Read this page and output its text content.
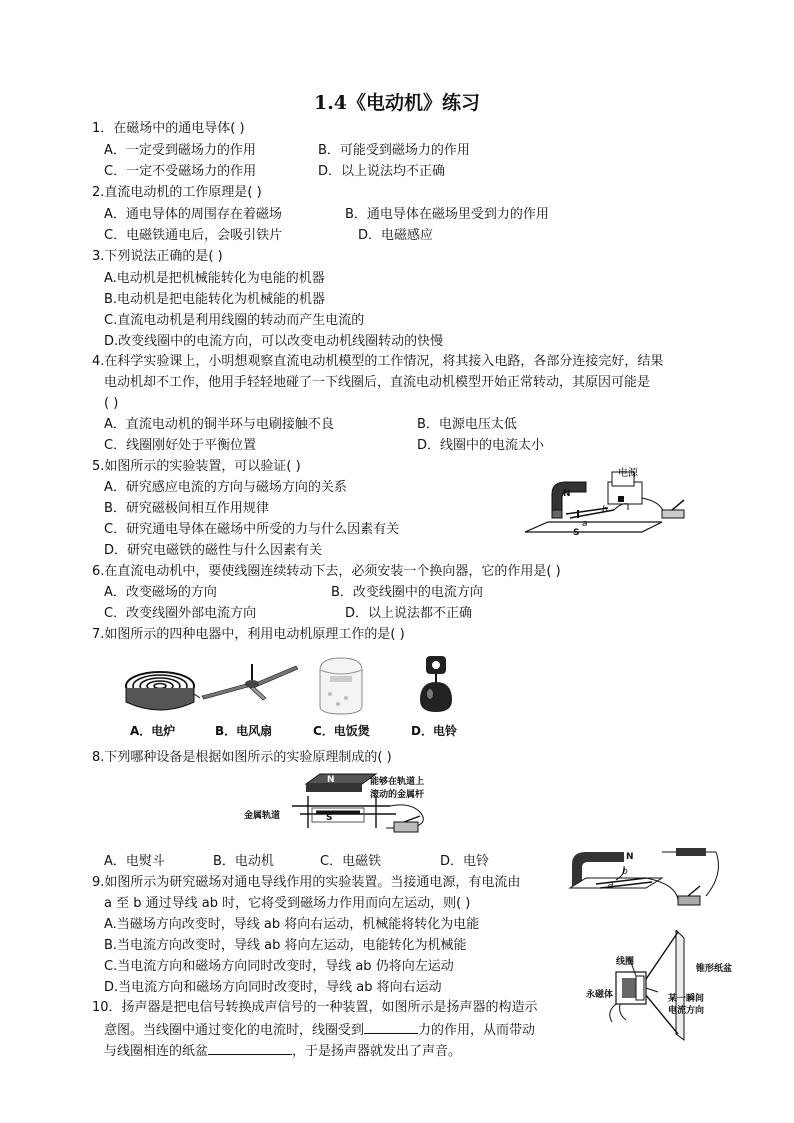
1.4《电动机》练习
1．在磁场中的通电导体( )
A．一定受到磁场力的作用	B．可能受到磁场力的作用
C．一定不受磁场力的作用	D．以上说法均不正确
2.直流电动机的工作原理是( )
A．通电导体的周围存在着磁场	B．通电导体在磁场里受到力的作用
C．电磁铁通电后，会吸引铁片	D．电磁感应
3.下列说法正确的是( )
A.电动机是把机械能转化为电能的机器
B.电动机是把电能转化为机械能的机器
C.直流电动机是利用线圈的转动而产生电流的
D.改变线圈中的电流方向，可以改变电动机线圈转动的快慢
4.在科学实验课上，小明想观察直流电动机模型的工作情况，将其接入电路，各部分连接完好，结果
电动机却不工作，他用手轻轻地碰了一下线圈后，直流电动机模型开始正常转动，其原因可能是
( )
A．直流电动机的铜半环与电刷接触不良	B．电源电压太低
C．线圈刚好处于平衡位置	D．线圈中的电流太小
5.如图所示的实验装置，可以验证( )
A．研究感应电流的方向与磁场方向的关系
B．研究磁极间相互作用规律
C．研究通电导体在磁场中所受的力与什么因素有关
D．研究电磁铁的磁性与什么因素有关
电源
N
S
a
b
6.在直流电动机中，要使线圈连续转动下去，必须安装一个换向器，它的作用是( )
A．改变磁场的方向	B．改变线圈中的电流方向
C．改变线圈外部电流方向	D．以上说法都不正确
7.如图所示的四种电器中，利用电动机原理工作的是( )
A．电炉	B．电风扇	C．电饭煲	D．电铃
8.下列哪种设备是根据如图所示的实验原理制成的( )
N
S
能够在轨道上
滚动的金属杆
金属轨道
A．电熨斗	B．电动机	C．电磁铁	D．电铃
9.如图所示为研究磁场对通电导线作用的实验装置。当接通电源，有电流由
a 至 b 通过导线 ab 时，它将受到磁场力作用而向左运动，则( )
A.当磁场方向改变时，导线 ab 将向右运动，机械能将转化为电能
B.当电流方向改变时，导线 ab 将向左运动，电能转化为机械能
C.当电流方向和磁场方向同时改变时，导线 ab 仍将向左运动
D.当电流方向和磁场方向同时改变时，导线 ab 将向右运动
N
b
a
10．扬声器是把电信号转换成声信号的一种装置，如图所示是扬声器的构造示
意图。当线圈中通过变化的电流时，线圈受到	力的作用，从而带动
与线圈相连的纸盆	，于是扬声器就发出了声音。
线圈
锥形纸盆
永磁体	某一瞬间
电流方向
